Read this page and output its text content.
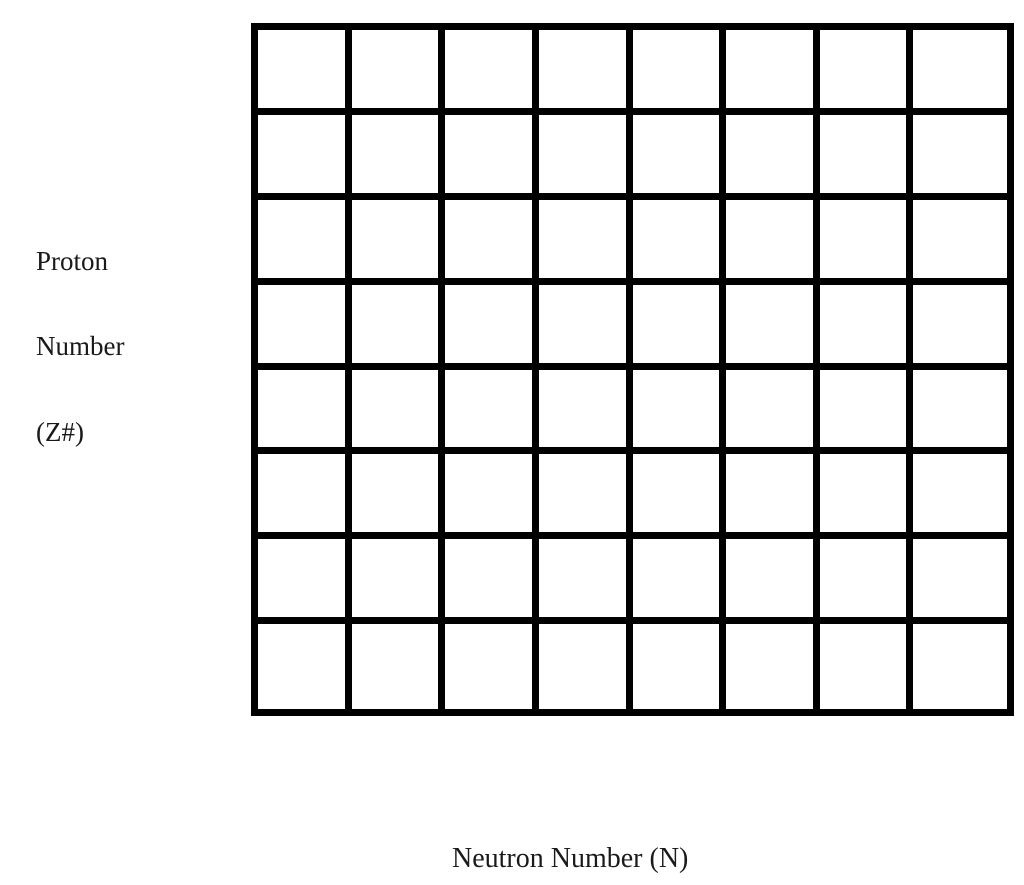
Proton
Number
(Z#)
Neutron Number (N)
